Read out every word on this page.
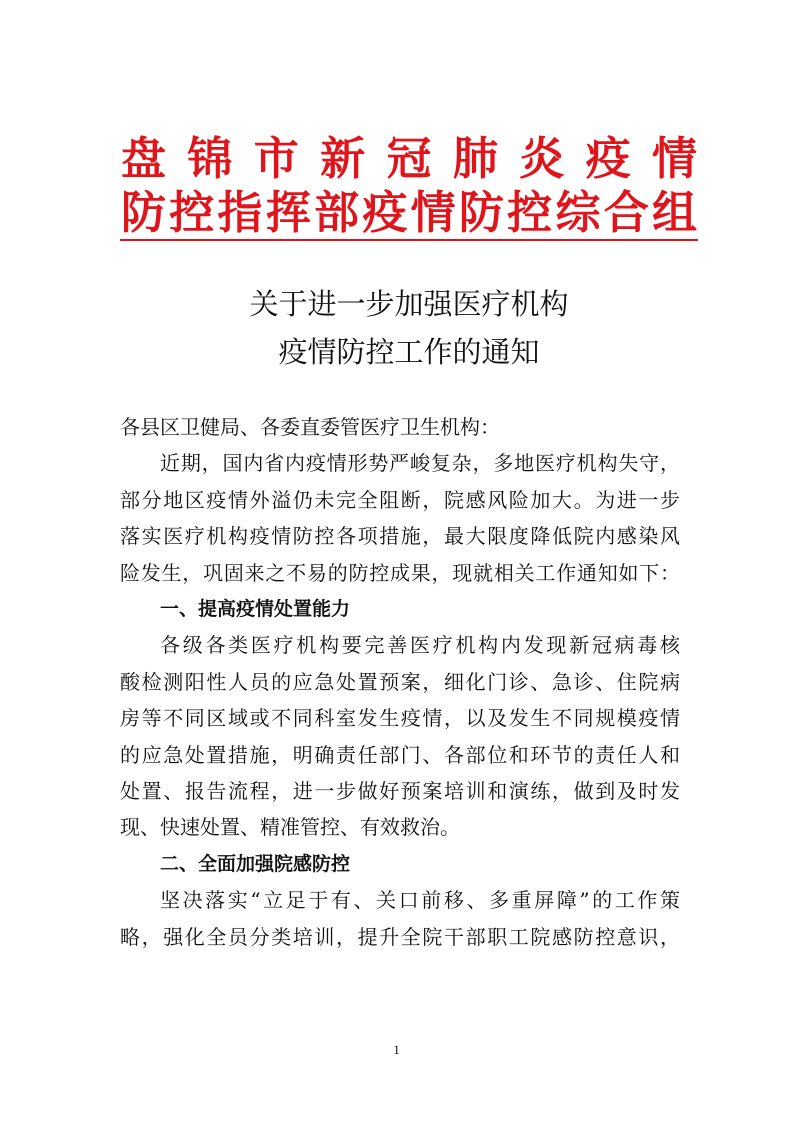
盘锦市新冠肺炎疫情
防控指挥部疫情防控综合组
关于进一步加强医疗机构
疫情防控工作的通知

各县区卫健局、各委直委管医疗卫生机构：

近期，国内省内疫情形势严峻复杂，多地医疗机构失守，
部分地区疫情外溢仍未完全阻断，院感风险加大。为进一步
落实医疗机构疫情防控各项措施，最大限度降低院内感染风
险发生，巩固来之不易的防控成果，现就相关工作通知如下：

一、提高疫情处置能力

各级各类医疗机构要完善医疗机构内发现新冠病毒核
酸检测阳性人员的应急处置预案，细化门诊、急诊、住院病
房等不同区域或不同科室发生疫情，以及发生不同规模疫情
的应急处置措施，明确责任部门、各部位和环节的责任人和
处置、报告流程，进一步做好预案培训和演练，做到及时发
现、快速处置、精准管控、有效救治。

二、全面加强院感防控

坚决落实“立足于有、关口前移、多重屏障”的工作策
略，强化全员分类培训，提升全院干部职工院感防控意识，

1
